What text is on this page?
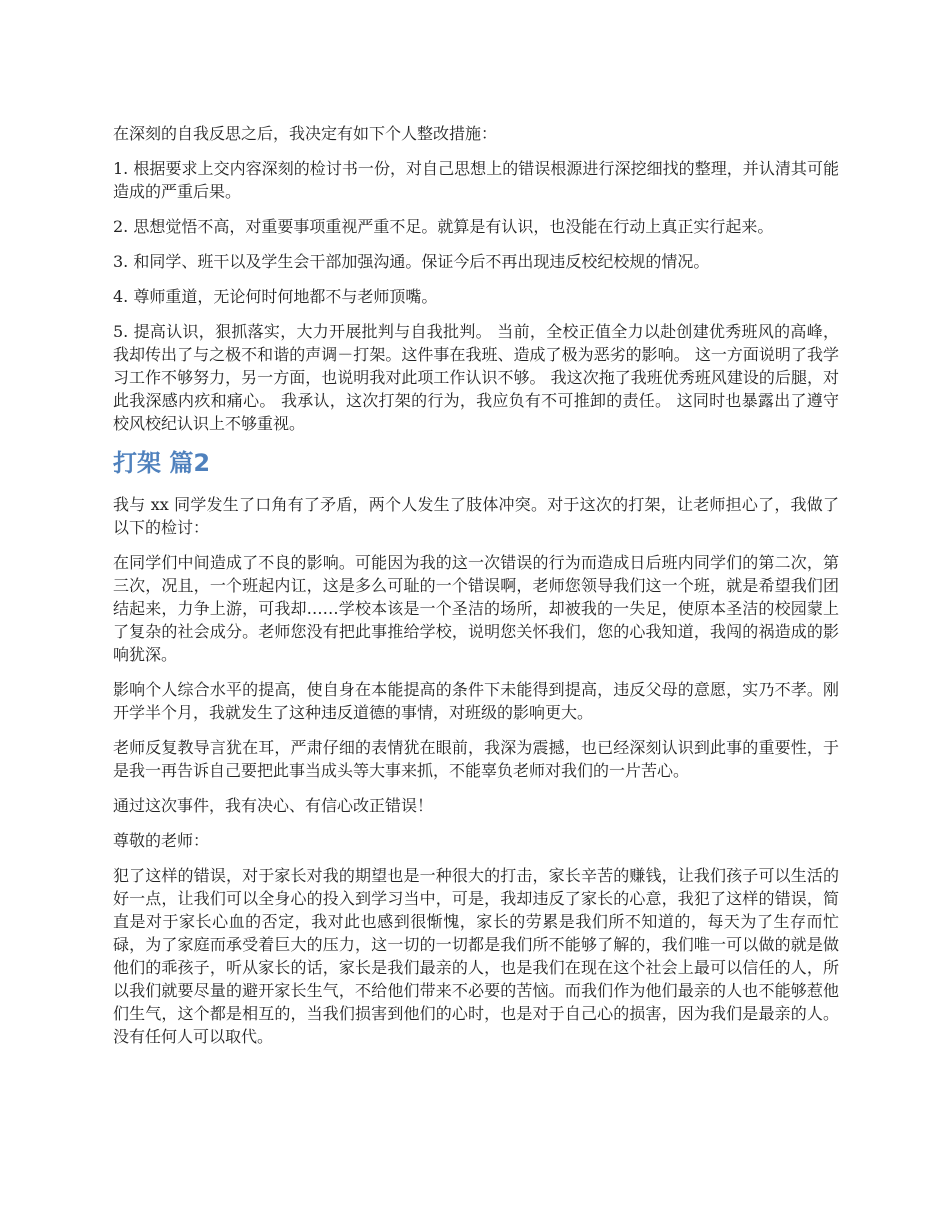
在深刻的自我反思之后，我决定有如下个人整改措施：

1. 根据要求上交内容深刻的检讨书一份，对自己思想上的错误根源进行深挖细找的整理，并认清其可能造成的严重后果。

2. 思想觉悟不高，对重要事项重视严重不足。就算是有认识，也没能在行动上真正实行起来。

3. 和同学、班干以及学生会干部加强沟通。保证今后不再出现违反校纪校规的情况。

4. 尊师重道，无论何时何地都不与老师顶嘴。

5. 提高认识，狠抓落实，大力开展批判与自我批判。 当前，全校正值全力以赴创建优秀班风的高峰，我却传出了与之极不和谐的声调－打架。这件事在我班、造成了极为恶劣的影响。 这一方面说明了我学习工作不够努力，另一方面，也说明我对此项工作认识不够。 我这次拖了我班优秀班风建设的后腿，对此我深感内疚和痛心。 我承认，这次打架的行为，我应负有不可推卸的责任。 这同时也暴露出了遵守校风校纪认识上不够重视。

打架 篇2

我与 xx 同学发生了口角有了矛盾，两个人发生了肢体冲突。对于这次的打架，让老师担心了，我做了以下的检讨：

在同学们中间造成了不良的影响。可能因为我的这一次错误的行为而造成日后班内同学们的第二次，第三次，况且，一个班起内讧，这是多么可耻的一个错误啊，老师您领导我们这一个班，就是希望我们团结起来，力争上游，可我却……学校本该是一个圣洁的场所，却被我的一失足，使原本圣洁的校园蒙上了复杂的社会成分。老师您没有把此事推给学校，说明您关怀我们，您的心我知道，我闯的祸造成的影响犹深。

影响个人综合水平的提高，使自身在本能提高的条件下未能得到提高，违反父母的意愿，实乃不孝。刚开学半个月，我就发生了这种违反道德的事情，对班级的影响更大。

老师反复教导言犹在耳，严肃仔细的表情犹在眼前，我深为震撼，也已经深刻认识到此事的重要性，于是我一再告诉自己要把此事当成头等大事来抓，不能辜负老师对我们的一片苦心。

通过这次事件，我有决心、有信心改正错误！

尊敬的老师：

犯了这样的错误，对于家长对我的期望也是一种很大的打击，家长辛苦的赚钱，让我们孩子可以生活的好一点，让我们可以全身心的投入到学习当中，可是，我却违反了家长的心意，我犯了这样的错误，简直是对于家长心血的否定，我对此也感到很惭愧，家长的劳累是我们所不知道的，每天为了生存而忙碌，为了家庭而承受着巨大的压力，这一切的一切都是我们所不能够了解的，我们唯一可以做的就是做他们的乖孩子，听从家长的话，家长是我们最亲的人，也是我们在现在这个社会上最可以信任的人，所以我们就要尽量的避开家长生气，不给他们带来不必要的苦恼。而我们作为他们最亲的人也不能够惹他们生气，这个都是相互的，当我们损害到他们的心时，也是对于自己心的损害，因为我们是最亲的人。没有任何人可以取代。
